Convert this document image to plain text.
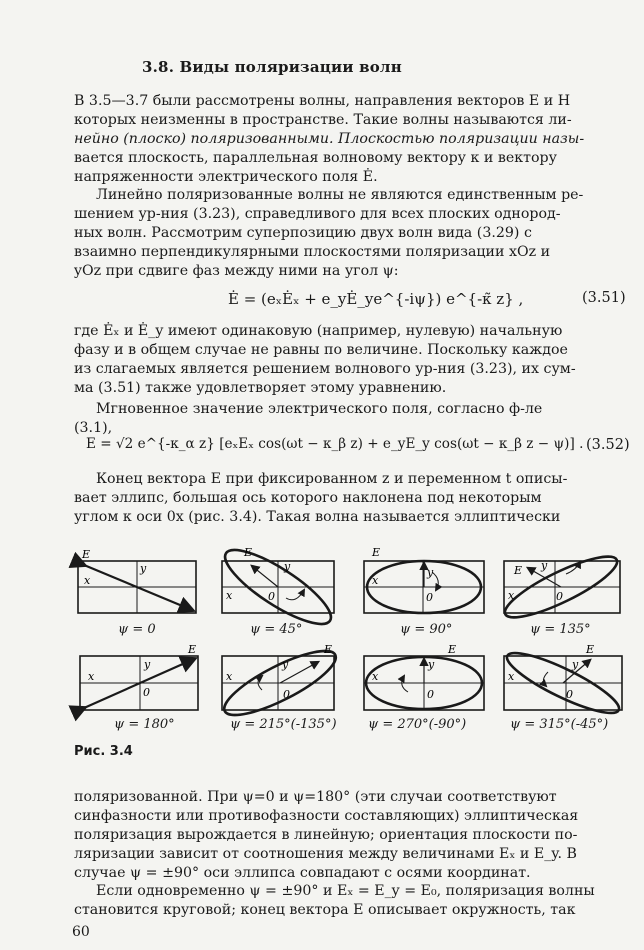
3.8. Виды поляризации волн
В 3.5—3.7 были рассмотрены волны, направления векторов Е и Н
которых неизменны в пространстве. Такие волны называются ли-
нейно (плоско) поляризованными. Плоскостью поляризации назы-
вается плоскость, параллельная волновому вектору к и вектору
напряженности электрического поля Ė.
Линейно поляризованные волны не являются единственным ре-
шением ур-ния (3.23), справедливого для всех плоских однород-
ных волн. Рассмотрим суперпозицию двух волн вида (3.29) с
взаимно перпендикулярными плоскостями поляризации xOz и
yOz при сдвиге фаз между ними на угол ψ:
Ė = (eₓĖₓ + e_yĖ_ye^{-iψ}) e^{-κ̃ z} ,	(3.51)
где Ėₓ и Ė_y имеют одинаковую (например, нулевую) начальную
фазу и в общем случае не равны по величине. Поскольку каждое
из слагаемых является решением волнового ур-ния (3.23), их сум-
ма (3.51) также удовлетворяет этому уравнению.
Мгновенное значение электрического поля, согласно ф-ле
(3.1),
E = √2 e^{-κ_α z} [eₓEₓ cos(ωt − κ_β z) + e_yE_y cos(ωt − κ_β z − ψ)] . (3.52)
Конец вектора Е при фиксированном z и переменном t описы-
вает эллипс, большая ось которого наклонена под некоторым
углом к оси 0x (рис. 3.4). Такая волна называется эллиптически
E
x
y
E
x
y
0
E
x
y
0
E
x
y
0
E
x
y
0
E
x
y
0
E
x
y
0
E
x
y
0
ψ = 0	ψ = 45°	ψ = 90°	ψ = 135°
ψ = 180°	ψ = 215°(-135°) ψ = 270°(-90°)	ψ = 315°(-45°)
Рис. 3.4
поляризованной. При ψ=0 и ψ=180° (эти случаи соответствуют
синфазности или противофазности составляющих) эллиптическая
поляризация вырождается в линейную; ориентация плоскости по-
ляризации зависит от соотношения между величинами Eₓ и E_y. В
случае ψ = ±90° оси эллипса совпадают с осями координат.
Если одновременно ψ = ±90° и Eₓ = E_y = E₀, поляризация волны
становится круговой; конец вектора Е описывает окружность, так
60
